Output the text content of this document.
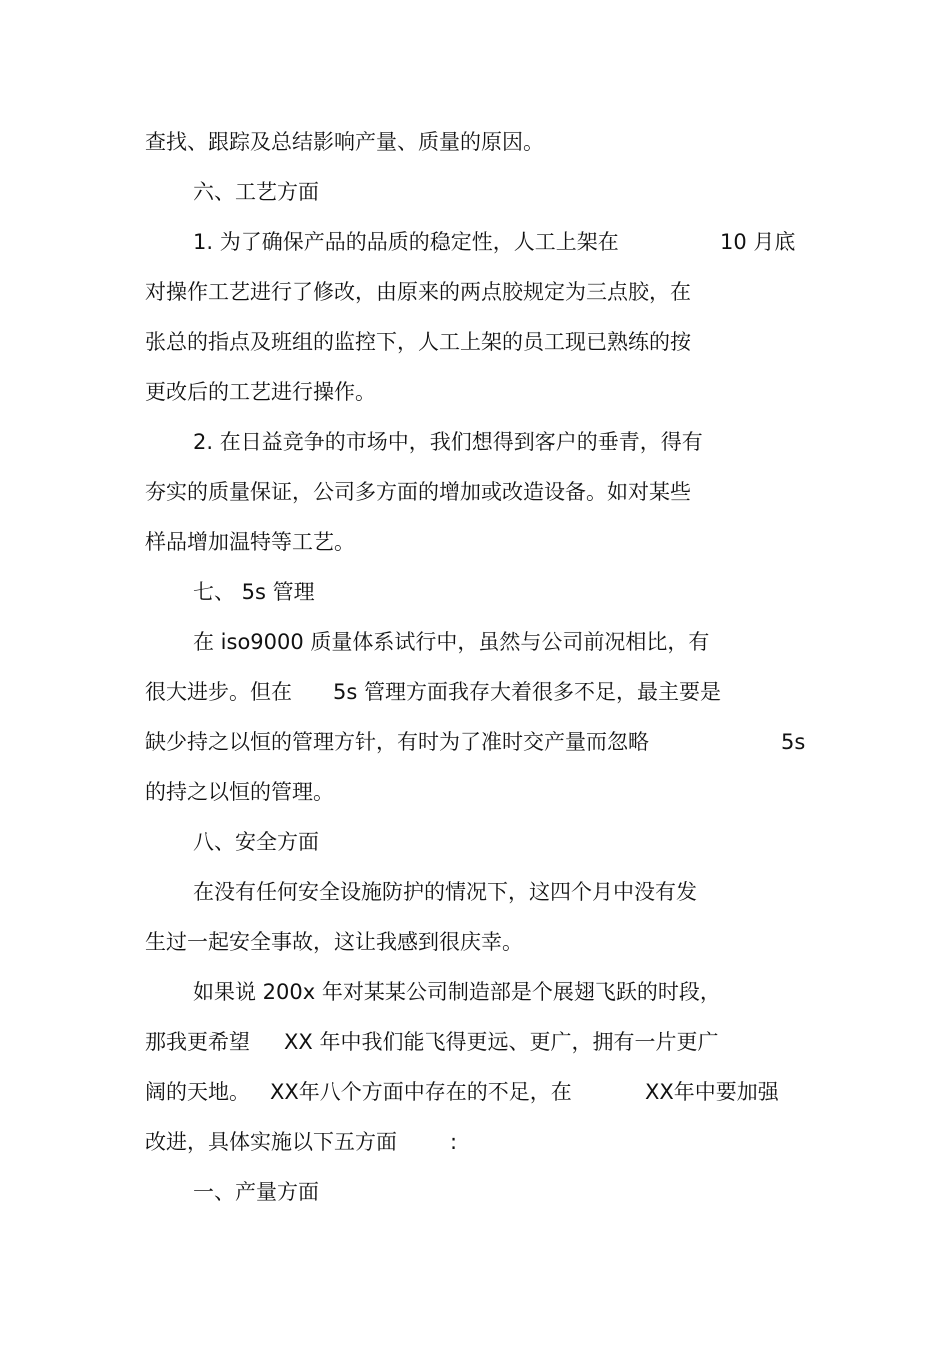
查找、跟踪及总结影响产量、质量的原因。
六、工艺方面
1. 为了确保产品的品质的稳定性，人工上架在	10 月底
对操作工艺进行了修改，由原来的两点胶规定为三点胶，在
张总的指点及班组的监控下，人工上架的员工现已熟练的按
更改后的工艺进行操作。
2. 在日益竞争的市场中，我们想得到客户的垂青，得有
夯实的质量保证，公司多方面的增加或改造设备。如对某些
样品增加温特等工艺。
七、 5s 管理
在 iso9000 质量体系试行中，虽然与公司前况相比，有
很大进步。但在 5s 管理方面我存大着很多不足，最主要是
缺少持之以恒的管理方针，有时为了准时交产量而忽略	5s
的持之以恒的管理。
八、安全方面
在没有任何安全设施防护的情况下，这四个月中没有发
生过一起安全事故，这让我感到很庆幸。
如果说 200x 年对某某公司制造部是个展翅飞跃的时段，
那我更希望 XX 年中我们能飞得更远、更广，拥有一片更广
阔的天地。 XX年八个方面中存在的不足，在	XX年中要加强
改进，具体实施以下五方面	:
一、产量方面
